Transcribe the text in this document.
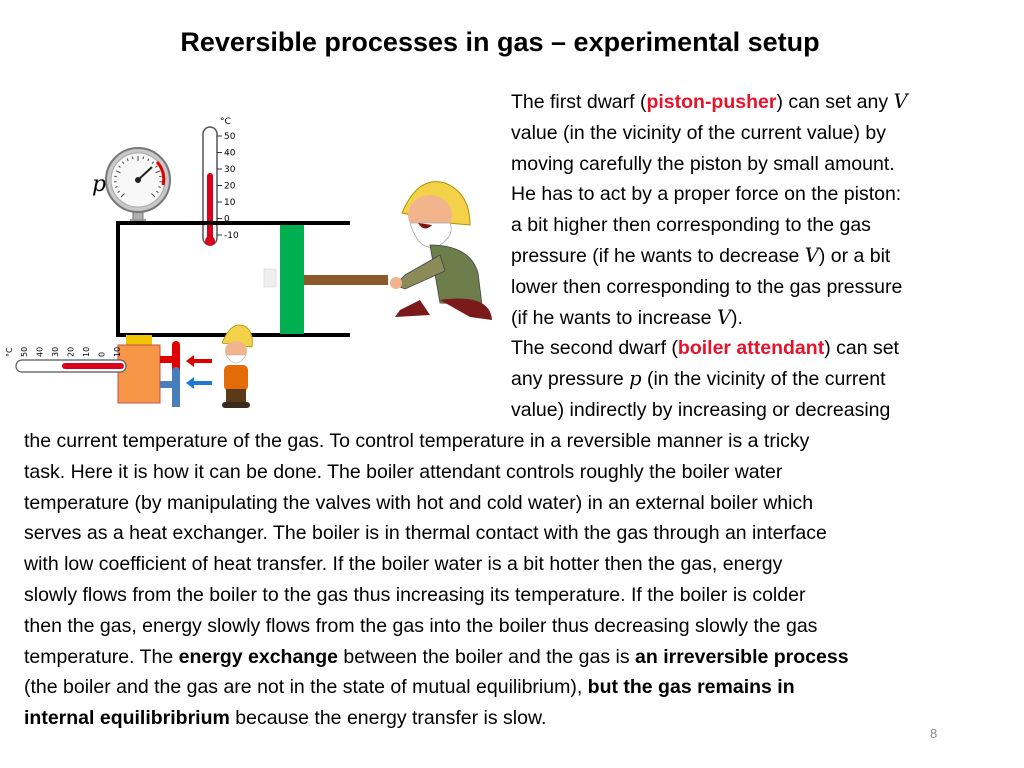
Reversible processes in gas – experimental setup
p
°C
50
40
30
20
10
0
-10
°C 50 40 30 20 10 0 10
The first dwarf (piston-pusher) can set any V
value (in the vicinity of the current value) by
moving carefully the piston by small amount.
He has to act by a proper force on the piston:
a bit higher then corresponding to the gas
pressure (if he wants to decrease V) or a bit
lower then corresponding to the gas pressure
(if he wants to increase V).
The second dwarf (boiler attendant) can set
any pressure p (in the vicinity of the current
value) indirectly by increasing or decreasing
the current temperature of the gas. To control temperature in a reversible manner is a tricky
task. Here it is how it can be done. The boiler attendant controls roughly the boiler water
temperature (by manipulating the valves with hot and cold water) in an external boiler which
serves as a heat exchanger. The boiler is in thermal contact with the gas through an interface
with low coefficient of heat transfer. If the boiler water is a bit hotter then the gas, energy
slowly flows from the boiler to the gas thus increasing its temperature. If the boiler is colder
then the gas, energy slowly flows from the gas into the boiler thus decreasing slowly the gas
temperature. The energy exchange between the boiler and the gas is an irreversible process
(the boiler and the gas are not in the state of mutual equilibrium), but the gas remains in
internal equilibribrium because the energy transfer is slow.
8
